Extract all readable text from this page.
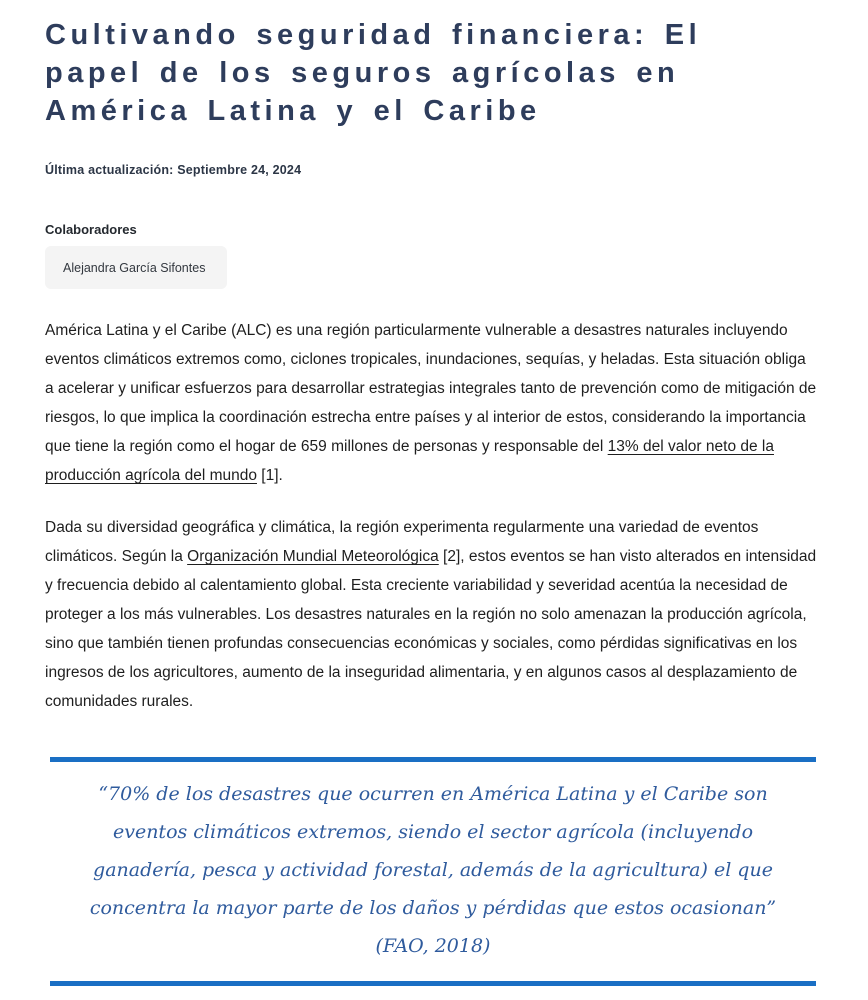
Cultivando seguridad financiera: El papel de los seguros agrícolas en América Latina y el Caribe
Última actualización: Septiembre 24, 2024
Colaboradores
Alejandra García Sifontes

América Latina y el Caribe (ALC) es una región particularmente vulnerable a desastres naturales incluyendo eventos climáticos extremos como, ciclones tropicales, inundaciones, sequías, y heladas. Esta situación obliga a acelerar y unificar esfuerzos para desarrollar estrategias integrales tanto de prevención como de mitigación de riesgos, lo que implica la coordinación estrecha entre países y al interior de estos, considerando la importancia que tiene la región como el hogar de 659 millones de personas y responsable del 13% del valor neto de la producción agrícola del mundo [1].

Dada su diversidad geográfica y climática, la región experimenta regularmente una variedad de eventos climáticos. Según la Organización Mundial Meteorológica [2], estos eventos se han visto alterados en intensidad y frecuencia debido al calentamiento global. Esta creciente variabilidad y severidad acentúa la necesidad de proteger a los más vulnerables. Los desastres naturales en la región no solo amenazan la producción agrícola, sino que también tienen profundas consecuencias económicas y sociales, como pérdidas significativas en los ingresos de los agricultores, aumento de la inseguridad alimentaria, y en algunos casos al desplazamiento de comunidades rurales.

“70% de los desastres que ocurren en América Latina y el Caribe son eventos climáticos extremos, siendo el sector agrícola (incluyendo ganadería, pesca y actividad forestal, además de la agricultura) el que concentra la mayor parte de los daños y pérdidas que estos ocasionan” (FAO, 2018)
